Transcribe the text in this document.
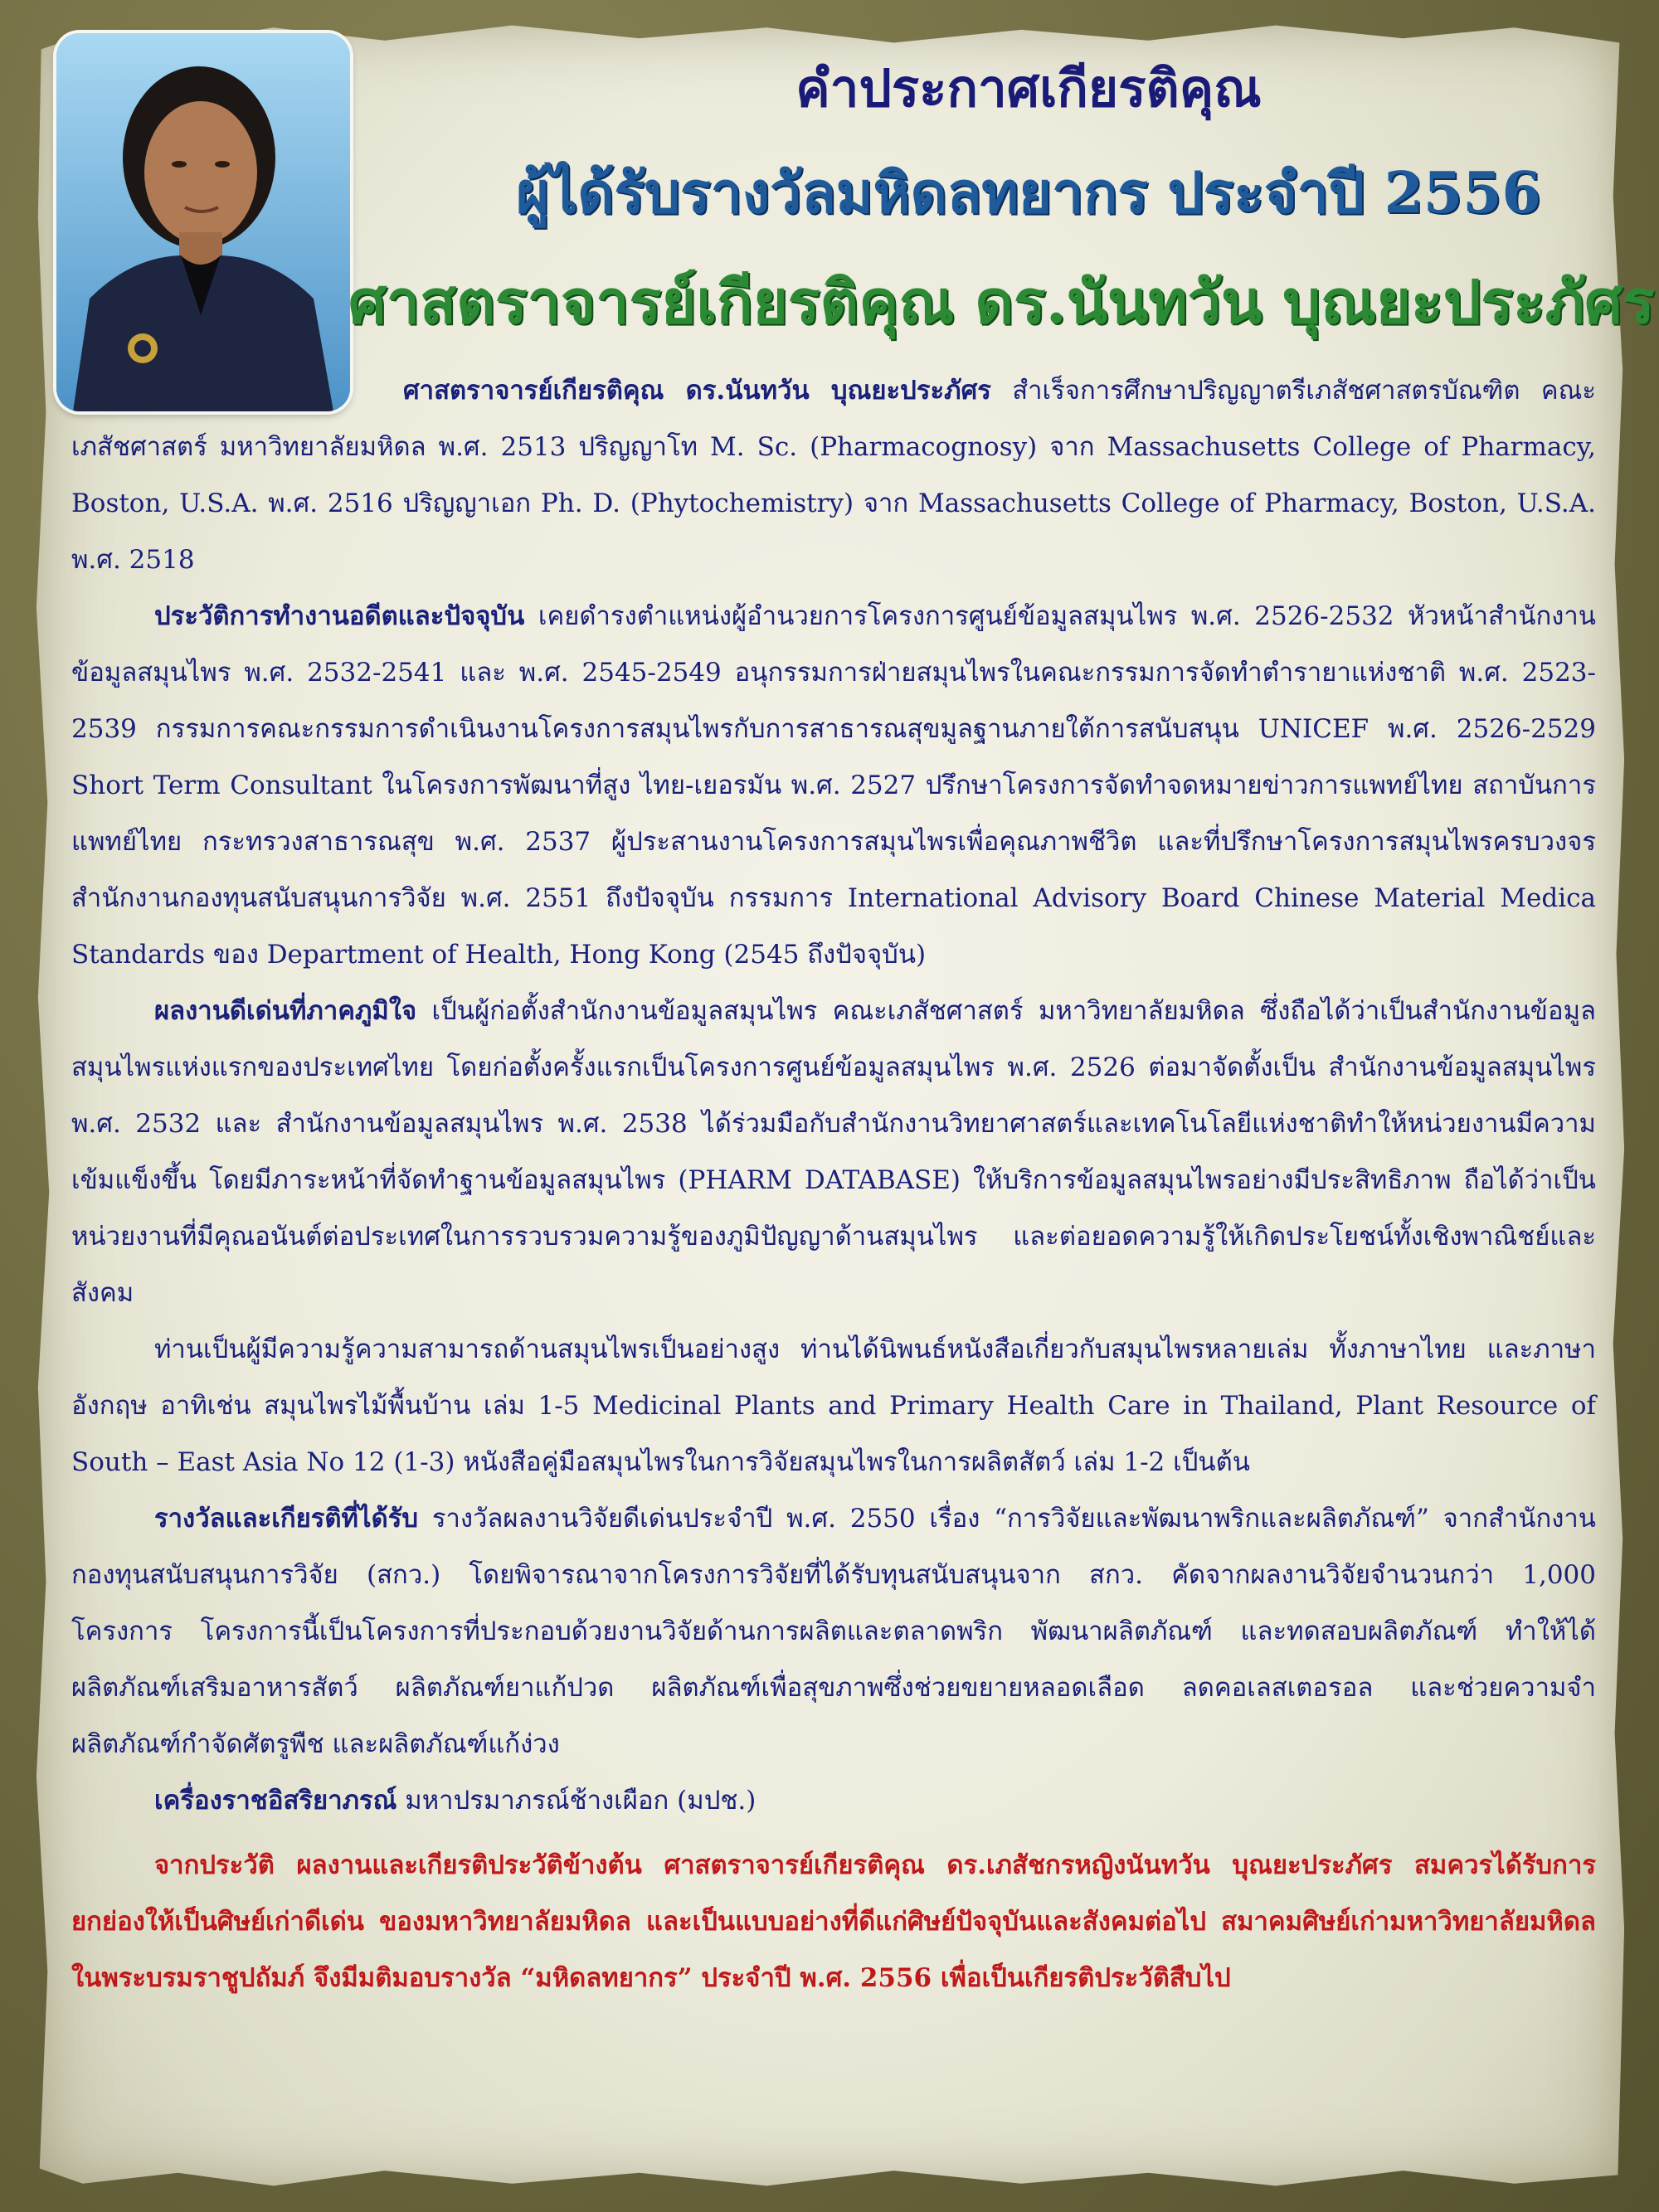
คำประกาศเกียรติคุณ
ผู้ได้รับรางวัลมหิดลทยากร ประจำปี 2556
ศาสตราจารย์เกียรติคุณ ดร.นันทวัน บุณยะประภัศร

ศาสตราจารย์เกียรติคุณ ดร.นันทวัน บุณยะประภัศร สำเร็จการศึกษาปริญญาตรีเภสัชศาสตรบัณฑิต คณะเภสัชศาสตร์ มหาวิทยาลัยมหิดล พ.ศ. 2513 ปริญญาโท M. Sc. (Pharmacognosy) จาก Massachusetts College of Pharmacy, Boston, U.S.A. พ.ศ. 2516 ปริญญาเอก Ph. D. (Phytochemistry) จาก Massachusetts College of Pharmacy, Boston, U.S.A. พ.ศ. 2518

ประวัติการทำงานอดีตและปัจจุบัน เคยดำรงตำแหน่งผู้อำนวยการโครงการศูนย์ข้อมูลสมุนไพร พ.ศ. 2526-2532 หัวหน้าสำนักงานข้อมูลสมุนไพร พ.ศ. 2532-2541 และ พ.ศ. 2545-2549 อนุกรรมการฝ่ายสมุนไพรในคณะกรรมการจัดทำตำรายาแห่งชาติ พ.ศ. 2523-2539 กรรมการคณะกรรมการดำเนินงานโครงการสมุนไพรกับการสาธารณสุขมูลฐานภายใต้การสนับสนุน UNICEF พ.ศ. 2526-2529 Short Term Consultant ในโครงการพัฒนาที่สูง ไทย-เยอรมัน พ.ศ. 2527 ปรึกษาโครงการจัดทำจดหมายข่าวการแพทย์ไทย สถาบันการแพทย์ไทย กระทรวงสาธารณสุข พ.ศ. 2537 ผู้ประสานงานโครงการสมุนไพรเพื่อคุณภาพชีวิต และที่ปรึกษาโครงการสมุนไพรครบวงจร สำนักงานกองทุนสนับสนุนการวิจัย พ.ศ. 2551 ถึงปัจจุบัน กรรมการ International Advisory Board Chinese Material Medica Standards ของ Department of Health, Hong Kong (2545 ถึงปัจจุบัน)

ผลงานดีเด่นที่ภาคภูมิใจ เป็นผู้ก่อตั้งสำนักงานข้อมูลสมุนไพร คณะเภสัชศาสตร์ มหาวิทยาลัยมหิดล ซึ่งถือได้ว่าเป็นสำนักงานข้อมูลสมุนไพรแห่งแรกของประเทศไทย โดยก่อตั้งครั้งแรกเป็นโครงการศูนย์ข้อมูลสมุนไพร พ.ศ. 2526 ต่อมาจัดตั้งเป็น สำนักงานข้อมูลสมุนไพร พ.ศ. 2532 และ สำนักงานข้อมูลสมุนไพร พ.ศ. 2538 ได้ร่วมมือกับสำนักงานวิทยาศาสตร์และเทคโนโลยีแห่งชาติทำให้หน่วยงานมีความเข้มแข็งขึ้น โดยมีภาระหน้าที่จัดทำฐานข้อมูลสมุนไพร (PHARM DATABASE) ให้บริการข้อมูลสมุนไพรอย่างมีประสิทธิภาพ ถือได้ว่าเป็นหน่วยงานที่มีคุณอนันต์ต่อประเทศในการรวบรวมความรู้ของภูมิปัญญาด้านสมุนไพร และต่อยอดความรู้ให้เกิดประโยชน์ทั้งเชิงพาณิชย์และสังคม

ท่านเป็นผู้มีความรู้ความสามารถด้านสมุนไพรเป็นอย่างสูง ท่านได้นิพนธ์หนังสือเกี่ยวกับสมุนไพรหลายเล่ม ทั้งภาษาไทย และภาษาอังกฤษ อาทิเช่น สมุนไพรไม้พื้นบ้าน เล่ม 1-5 Medicinal Plants and Primary Health Care in Thailand, Plant Resource of South – East Asia No 12 (1-3) หนังสือคู่มือสมุนไพรในการวิจัยสมุนไพรในการผลิตสัตว์ เล่ม 1-2 เป็นต้น

รางวัลและเกียรติที่ได้รับ รางวัลผลงานวิจัยดีเด่นประจำปี พ.ศ. 2550 เรื่อง “การวิจัยและพัฒนาพริกและผลิตภัณฑ์” จากสำนักงานกองทุนสนับสนุนการวิจัย (สกว.) โดยพิจารณาจากโครงการวิจัยที่ได้รับทุนสนับสนุนจาก สกว. คัดจากผลงานวิจัยจำนวนกว่า 1,000 โครงการ โครงการนี้เป็นโครงการที่ประกอบด้วยงานวิจัยด้านการผลิตและตลาดพริก พัฒนาผลิตภัณฑ์ และทดสอบผลิตภัณฑ์ ทำให้ได้ผลิตภัณฑ์เสริมอาหารสัตว์ ผลิตภัณฑ์ยาแก้ปวด ผลิตภัณฑ์เพื่อสุขภาพซึ่งช่วยขยายหลอดเลือด ลดคอเลสเตอรอล และช่วยความจำ ผลิตภัณฑ์กำจัดศัตรูพืช และผลิตภัณฑ์แก้ง่วง

เครื่องราชอิสริยาภรณ์ มหาปรมาภรณ์ช้างเผือก (มปช.)

จากประวัติ ผลงานและเกียรติประวัติข้างต้น ศาสตราจารย์เกียรติคุณ ดร.เภสัชกรหญิงนันทวัน บุณยะประภัศร สมควรได้รับการยกย่องให้เป็นศิษย์เก่าดีเด่น ของมหาวิทยาลัยมหิดล และเป็นแบบอย่างที่ดีแก่ศิษย์ปัจจุบันและสังคมต่อไป สมาคมศิษย์เก่ามหาวิทยาลัยมหิดล ในพระบรมราชูปถัมภ์ จึงมีมติมอบรางวัล “มหิดลทยากร” ประจำปี พ.ศ. 2556 เพื่อเป็นเกียรติประวัติสืบไป
